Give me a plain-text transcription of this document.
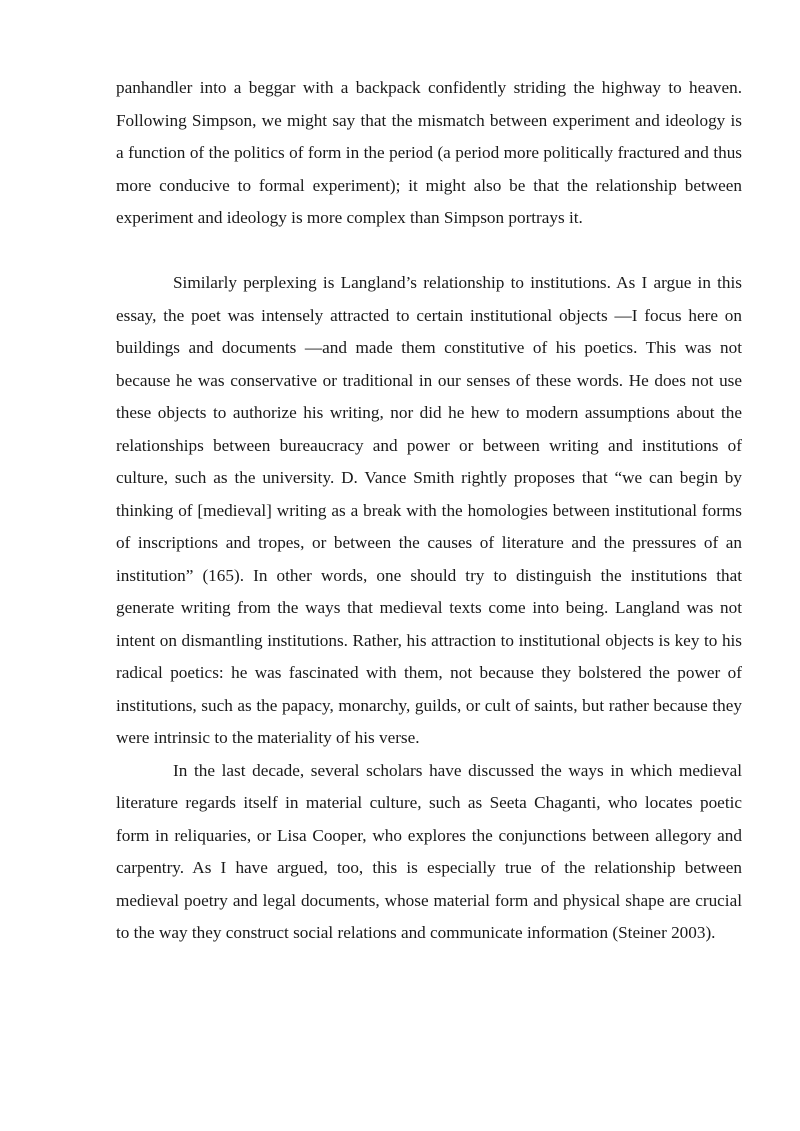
panhandler into a beggar with a backpack confidently striding the highway to heaven. Following Simpson, we might say that the mismatch between experiment and ideology is a function of the politics of form in the period (a period more politically fractured and thus more conducive to formal experiment); it might also be that the relationship between experiment and ideology is more complex than Simpson portrays it.

Similarly perplexing is Langland’s relationship to institutions. As I argue in this essay, the poet was intensely attracted to certain institutional objects —I focus here on buildings and documents —and made them constitutive of his poetics. This was not because he was conservative or traditional in our senses of these words. He does not use these objects to authorize his writing, nor did he hew to modern assumptions about the relationships between bureaucracy and power or between writing and institutions of culture, such as the university. D. Vance Smith rightly proposes that “we can begin by thinking of [medieval] writing as a break with the homologies between institutional forms of inscriptions and tropes, or between the causes of literature and the pressures of an institution” (165). In other words, one should try to distinguish the institutions that generate writing from the ways that medieval texts come into being. Langland was not intent on dismantling institutions. Rather, his attraction to institutional objects is key to his radical poetics: he was fascinated with them, not because they bolstered the power of institutions, such as the papacy, monarchy, guilds, or cult of saints, but rather because they were intrinsic to the materiality of his verse.

In the last decade, several scholars have discussed the ways in which medieval literature regards itself in material culture, such as Seeta Chaganti, who locates poetic form in reliquaries, or Lisa Cooper, who explores the conjunctions between allegory and carpentry. As I have argued, too, this is especially true of the relationship between medieval poetry and legal documents, whose material form and physical shape are crucial to the way they construct social relations and communicate information (Steiner 2003).
